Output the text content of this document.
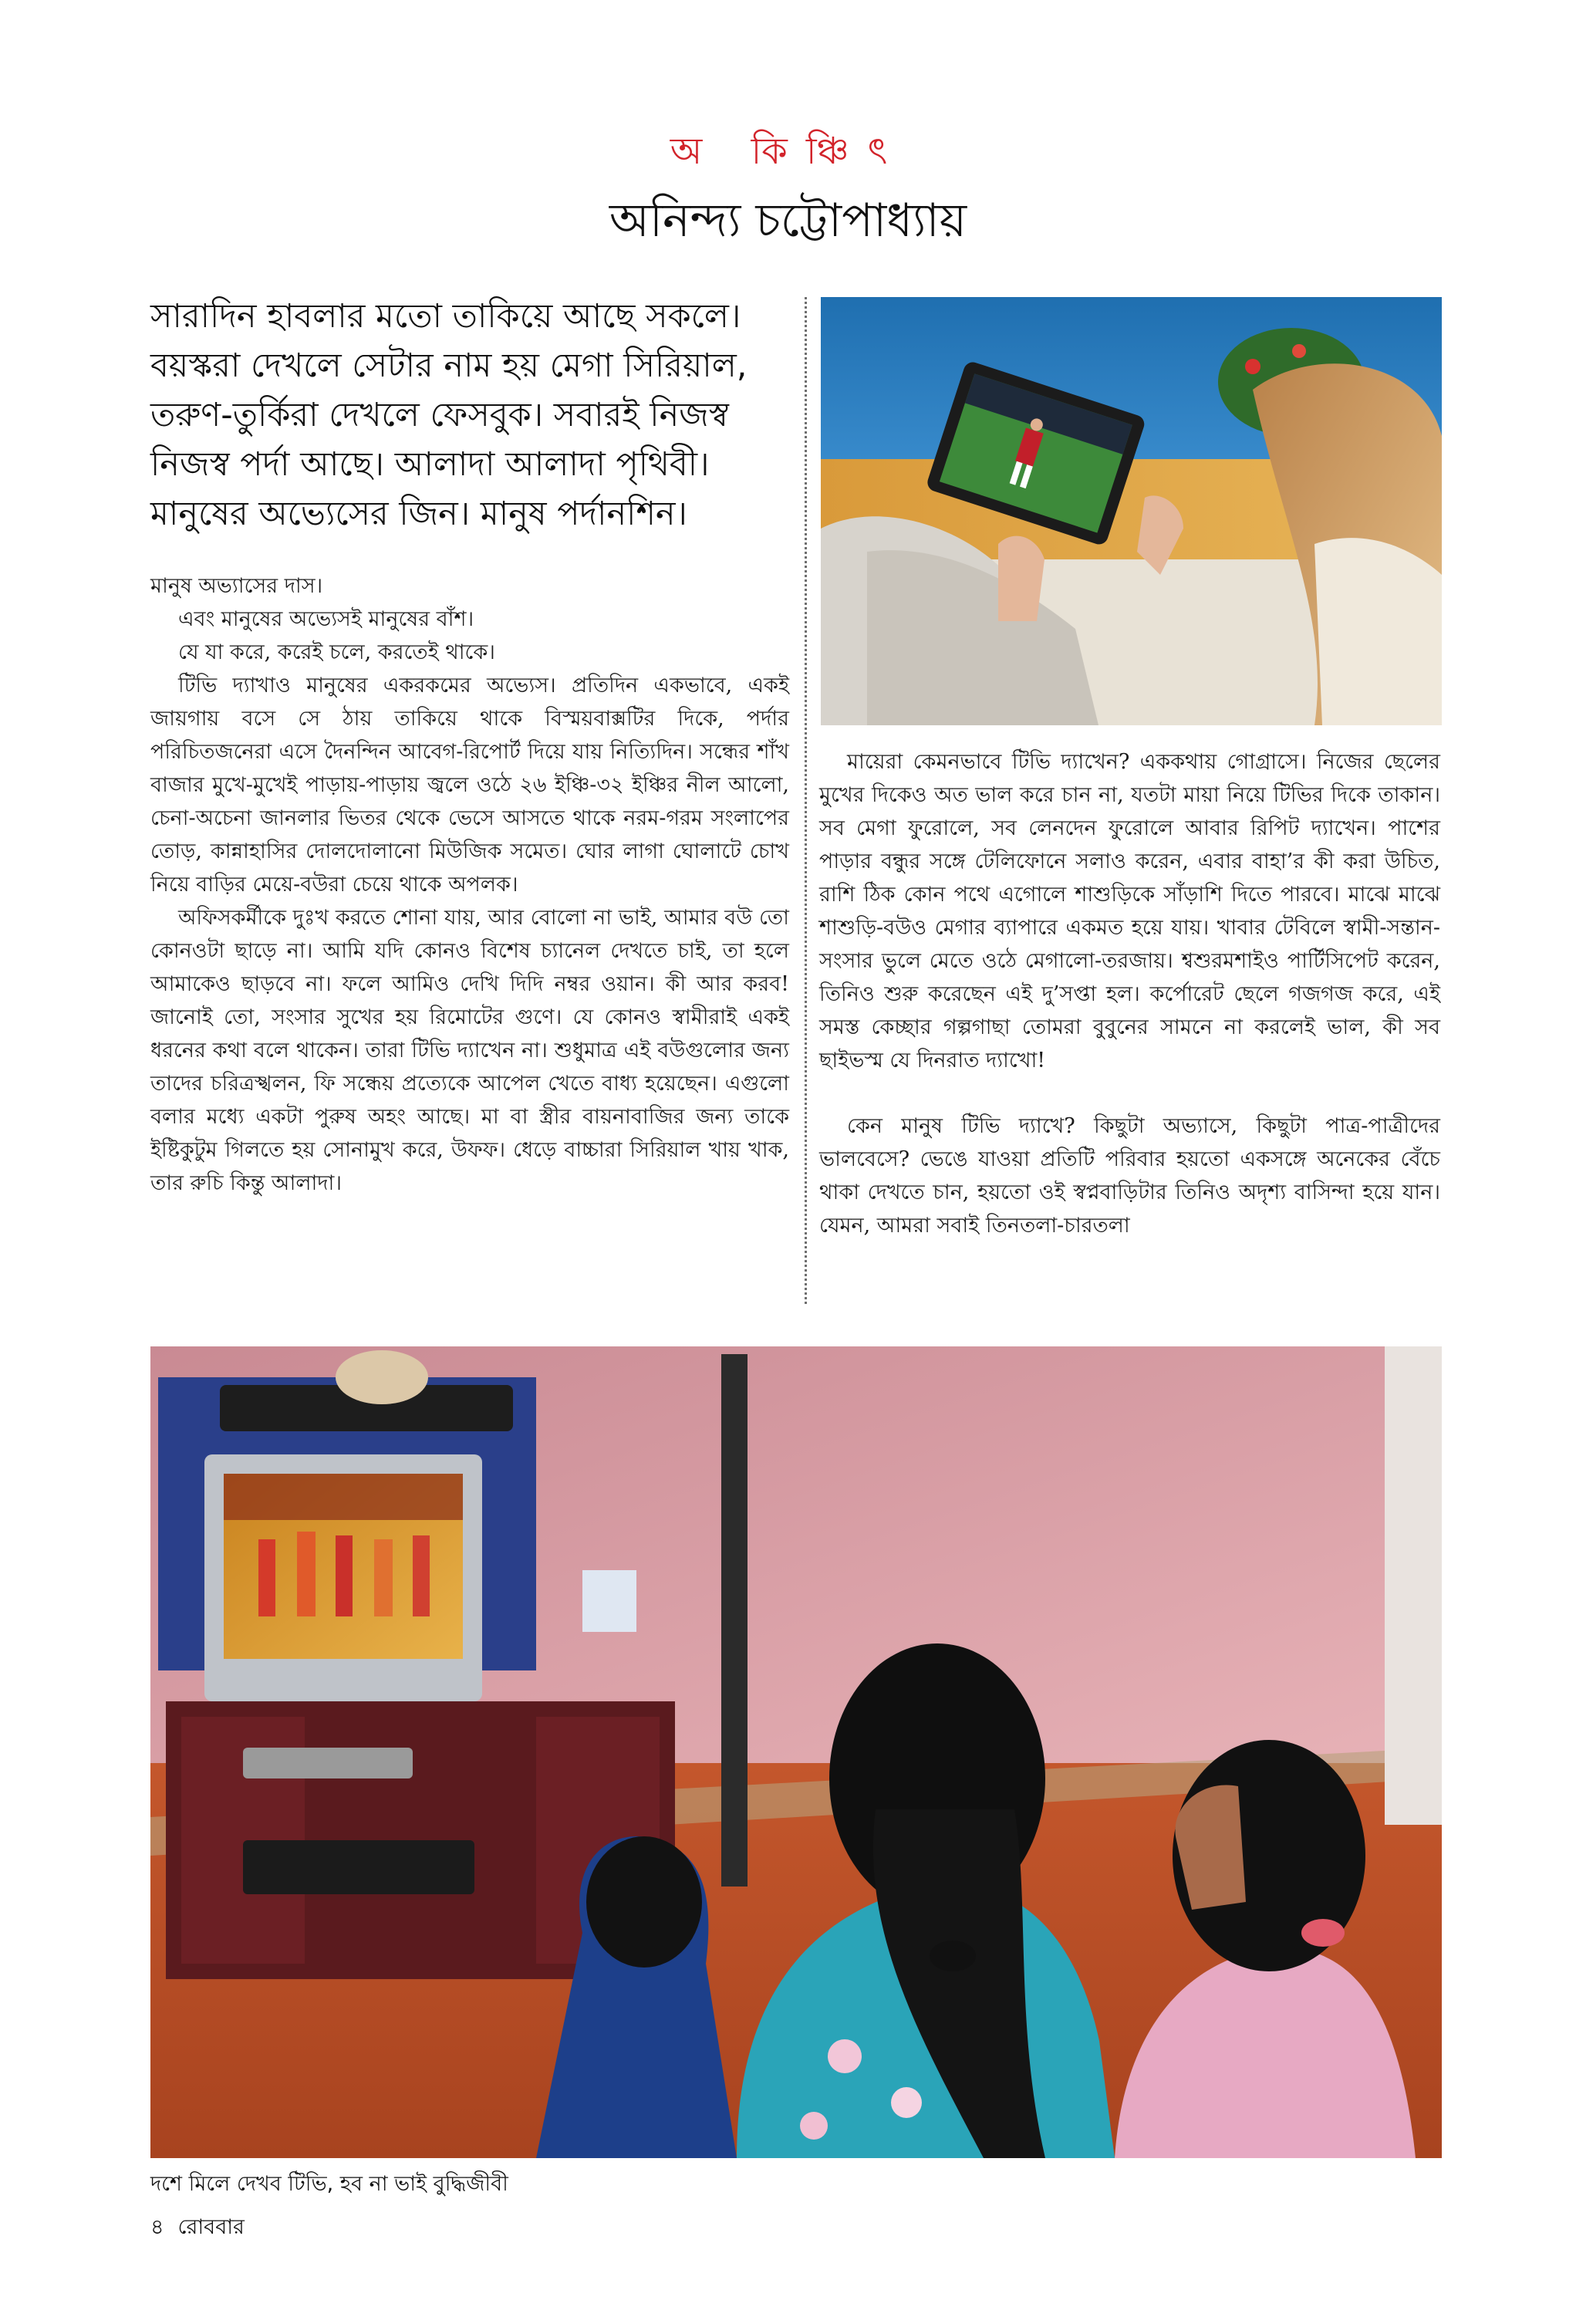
অ কিঞ্চিৎ
অনিন্দ্য চট্টোপাধ্যায়

সারাদিন হাবলার মতো তাকিয়ে আছে সকলে।

বয়স্করা দেখলে সেটার নাম হয় মেগা সিরিয়াল,

তরুণ-তুর্কিরা দেখলে ফেসবুক। সবারই নিজস্ব

নিজস্ব পর্দা আছে। আলাদা আলাদা পৃথিবী।

মানুষের অভ্যেসের জিন। মানুষ পর্দানশিন।

মানুষ অভ্যাসের দাস।

এবং মানুষের অভ্যেসই মানুষের বাঁশ।

যে যা করে, করেই চলে, করতেই থাকে।

টিভি দ্যাখাও মানুষের একরকমের অভ্যেস। প্রতিদিন একভাবে, একই জায়গায় বসে সে ঠায় তাকিয়ে থাকে বিস্ময়বাক্সটির দিকে, পর্দার পরিচিতজনেরা এসে দৈনন্দিন আবেগ-রিপোর্ট দিয়ে যায় নিত্যিদিন। সন্ধের শাঁখ বাজার মুখে-মুখেই পাড়ায়-পাড়ায় জ্বলে ওঠে ২৬ ইঞ্চি-৩২ ইঞ্চির নীল আলো, চেনা-অচেনা জানলার ভিতর থেকে ভেসে আসতে থাকে নরম-গরম সংলাপের তোড়, কান্নাহাসির দোলদোলানো মিউজিক সমেত। ঘোর লাগা ঘোলাটে চোখ নিয়ে বাড়ির মেয়ে-বউরা চেয়ে থাকে অপলক।

অফিসকর্মীকে দুঃখ করতে শোনা যায়, আর বোলো না ভাই, আমার বউ তো কোনওটা ছাড়ে না। আমি যদি কোনও বিশেষ চ্যানেল দেখতে চাই, তা হলে আমাকেও ছাড়বে না। ফলে আমিও দেখি দিদি নম্বর ওয়ান। কী আর করব! জানোই তো, সংসার সুখের হয় রিমোটের গুণে। যে কোনও স্বামীরাই একই ধরনের কথা বলে থাকেন। তারা টিভি দ্যাখেন না। শুধুমাত্র এই বউগুলোর জন্য তাদের চরিত্রস্খলন, ফি সন্ধেয় প্রত্যেকে আপেল খেতে বাধ্য হয়েছেন। এগুলো বলার মধ্যে একটা পুরুষ অহং আছে। মা বা স্ত্রীর বায়নাবাজির জন্য তাকে ইষ্টিকুটুম গিলতে হয় সোনামুখ করে, উফফ। ধেড়ে বাচ্চারা সিরিয়াল খায় খাক, তার রুচি কিন্তু আলাদা।

মায়েরা কেমনভাবে টিভি দ্যাখেন? এককথায় গোগ্রাসে। নিজের ছেলের মুখের দিকেও অত ভাল করে চান না, যতটা মায়া নিয়ে টিভির দিকে তাকান। সব মেগা ফুরোলে, সব লেনদেন ফুরোলে আবার রিপিট দ্যাখেন। পাশের পাড়ার বন্ধুর সঙ্গে টেলিফোনে সলাও করেন, এবার বাহা’র কী করা উচিত, রাশি ঠিক কোন পথে এগোলে শাশুড়িকে সাঁড়াশি দিতে পারবে। মাঝে মাঝে শাশুড়ি-বউও মেগার ব্যাপারে একমত হয়ে যায়। খাবার টেবিলে স্বামী-সন্তান-সংসার ভুলে মেতে ওঠে মেগালো-তরজায়। শ্বশুরমশাইও পার্টিসিপেট করেন, তিনিও শুরু করেছেন এই দু’সপ্তা হল। কর্পোরেট ছেলে গজগজ করে, এই সমস্ত কেচ্ছার গল্পগাছা তোমরা বুবুনের সামনে না করলেই ভাল, কী সব ছাইভস্ম যে দিনরাত দ্যাখো!

কেন মানুষ টিভি দ্যাখে? কিছুটা অভ্যাসে, কিছুটা পাত্র-পাত্রীদের ভালবেসে? ভেঙে যাওয়া প্রতিটি পরিবার হয়তো একসঙ্গে অনেকের বেঁচে থাকা দেখতে চান, হয়তো ওই স্বপ্নবাড়িটার তিনিও অদৃশ্য বাসিন্দা হয়ে যান। যেমন, আমরা সবাই তিনতলা-চারতলা

দশে মিলে দেখব টিভি, হব না ভাই বুদ্ধিজীবী
৪ রোববার
